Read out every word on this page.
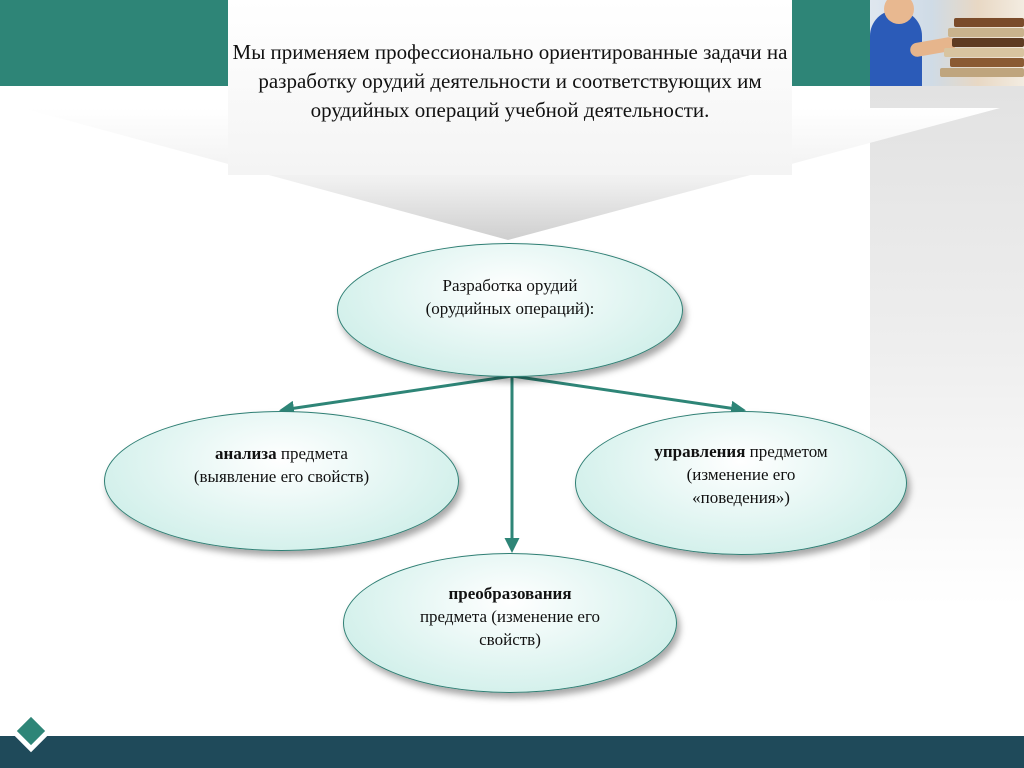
Мы применяем профессионально ориентированные задачи на разработку орудий деятельности и соответствующих им орудийных операций учебной деятельности.
Разработка орудий
(орудийных операций):
анализа предмета
(выявление его свойств)
управления предметом
(изменение его
«поведения»)
преобразования
предмета (изменение его
свойств)
